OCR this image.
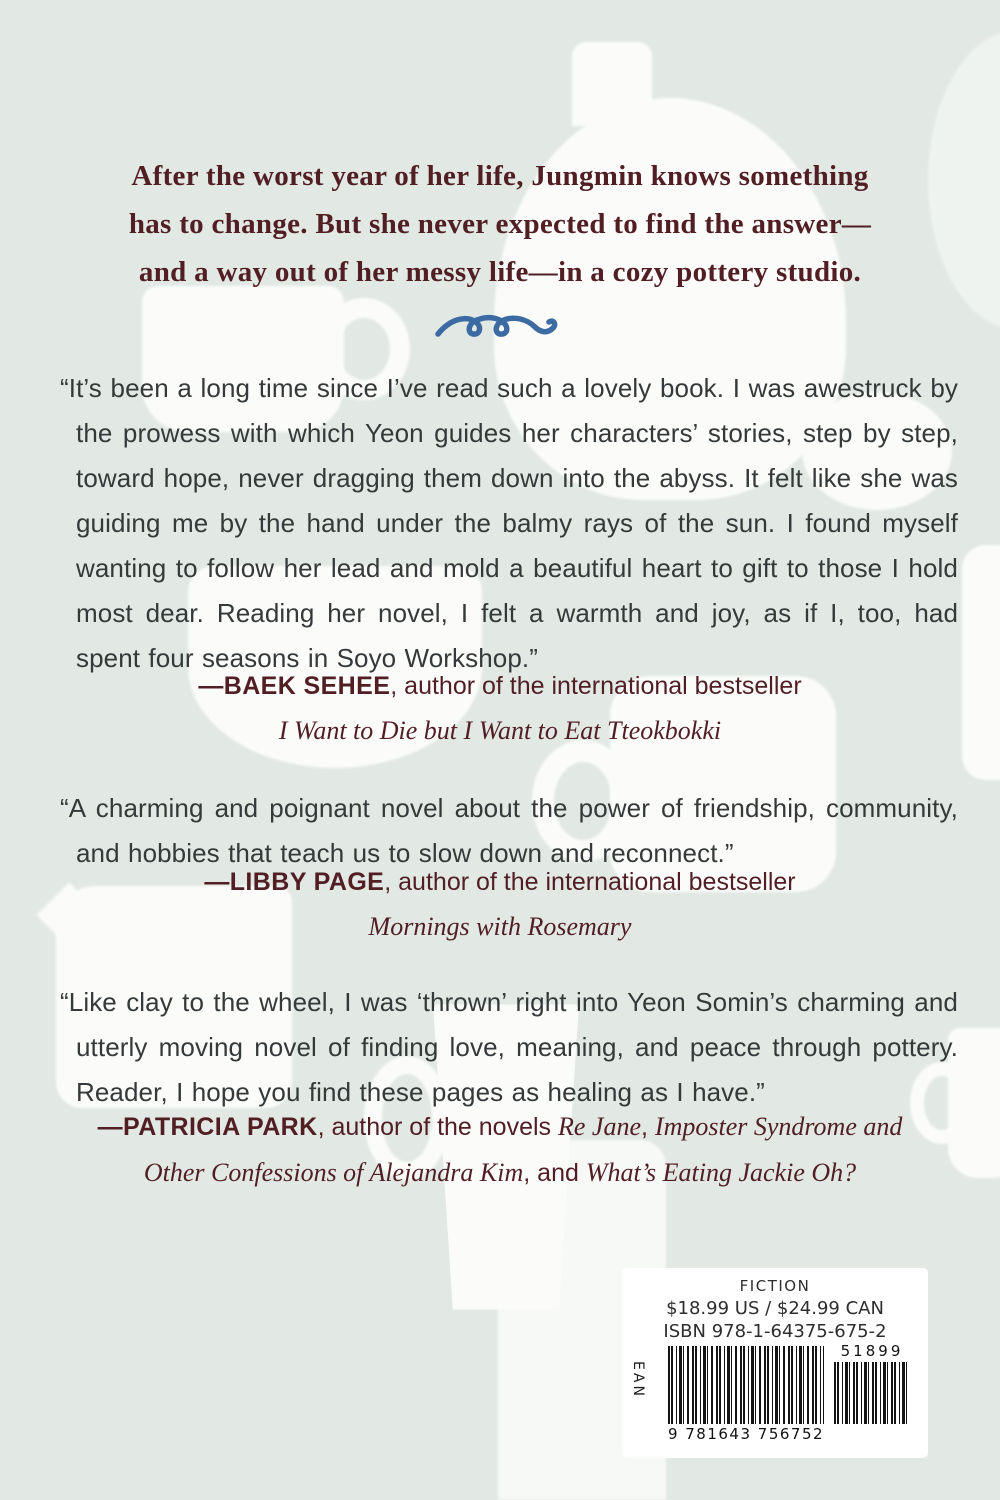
After the worst year of her life, Jungmin knows something
has to change. But she never expected to find the answer—
and a way out of her messy life—in a cozy pottery studio.
“It’s been a long time since I’ve read such a lovely book. I was awestruck by the prowess with which Yeon guides her characters’ stories, step by step, toward hope, never dragging them down into the abyss. It felt like she was guiding me by the hand under the balmy rays of the sun. I found myself wanting to follow her lead and mold a beautiful heart to gift to those I hold most dear. Reading her novel, I felt a warmth and joy, as if I, too, had spent four seasons in Soyo Workshop.”
—BAEK SEHEE, author of the international bestseller
I Want to Die but I Want to Eat Tteokbokki
“A charming and poignant novel about the power of friendship, community, and hobbies that teach us to slow down and reconnect.”
—LIBBY PAGE, author of the international bestseller
Mornings with Rosemary
“Like clay to the wheel, I was ‘thrown’ right into Yeon Somin’s charming and utterly moving novel of finding love, meaning, and peace through pottery. Reader, I hope you find these pages as healing as I have.”
—PATRICIA PARK, author of the novels Re Jane, Imposter Syndrome and Other Confessions of Alejandra Kim, and What’s Eating Jackie Oh?
FICTION
$18.99 US / $24.99 CAN
ISBN 978-1-64375-675-2
EAN
9 781643 756752
51899
